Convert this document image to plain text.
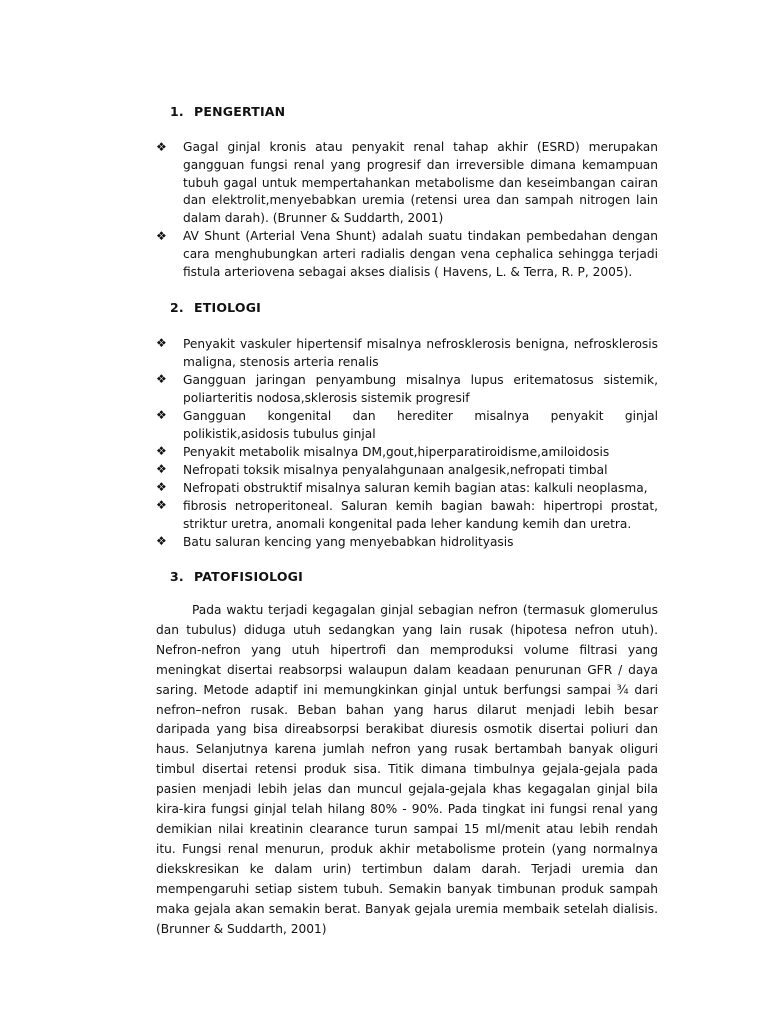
1. PENGERTIAN
❖ Gagal ginjal kronis atau penyakit renal tahap akhir (ESRD) merupakan gangguan fungsi renal yang progresif dan irreversible dimana kemampuan tubuh gagal untuk mempertahankan metabolisme dan keseimbangan cairan dan elektrolit,menyebabkan uremia (retensi urea dan sampah nitrogen lain dalam darah). (Brunner & Suddarth, 2001)
❖ AV Shunt (Arterial Vena Shunt) adalah suatu tindakan pembedahan dengan cara menghubungkan arteri radialis dengan vena cephalica sehingga terjadi fistula arteriovena sebagai akses dialisis ( Havens, L. & Terra, R. P, 2005).
2. ETIOLOGI
❖ Penyakit vaskuler hipertensif misalnya nefrosklerosis benigna, nefrosklerosis maligna, stenosis arteria renalis
❖ Gangguan jaringan penyambung misalnya lupus eritematosus sistemik, poliarteritis nodosa,sklerosis sistemik progresif
❖ Gangguan kongenital dan herediter misalnya penyakit ginjal polikistik,asidosis tubulus ginjal
❖ Penyakit metabolik misalnya DM,gout,hiperparatiroidisme,amiloidosis
❖ Nefropati toksik misalnya penyalahgunaan analgesik,nefropati timbal
❖ Nefropati obstruktif misalnya saluran kemih bagian atas: kalkuli neoplasma,
❖ fibrosis netroperitoneal. Saluran kemih bagian bawah: hipertropi prostat, striktur uretra, anomali kongenital pada leher kandung kemih dan uretra.
❖ Batu saluran kencing yang menyebabkan hidrolityasis
3. PATOFISIOLOGI

Pada waktu terjadi kegagalan ginjal sebagian nefron (termasuk glomerulus dan tubulus) diduga utuh sedangkan yang lain rusak (hipotesa nefron utuh). Nefron-nefron yang utuh hipertrofi dan memproduksi volume filtrasi yang meningkat disertai reabsorpsi walaupun dalam keadaan penurunan GFR / daya saring. Metode adaptif ini memungkinkan ginjal untuk berfungsi sampai ¾ dari nefron–nefron rusak. Beban bahan yang harus dilarut menjadi lebih besar daripada yang bisa direabsorpsi berakibat diuresis osmotik disertai poliuri dan haus. Selanjutnya karena jumlah nefron yang rusak bertambah banyak oliguri timbul disertai retensi produk sisa. Titik dimana timbulnya gejala-gejala pada pasien menjadi lebih jelas dan muncul gejala-gejala khas kegagalan ginjal bila kira-kira fungsi ginjal telah hilang 80% - 90%. Pada tingkat ini fungsi renal yang demikian nilai kreatinin clearance turun sampai 15 ml/menit atau lebih rendah itu. Fungsi renal menurun, produk akhir metabolisme protein (yang normalnya diekskresikan ke dalam urin) tertimbun dalam darah. Terjadi uremia dan mempengaruhi setiap sistem tubuh. Semakin banyak timbunan produk sampah maka gejala akan semakin berat. Banyak gejala uremia membaik setelah dialisis. (Brunner & Suddarth, 2001)
